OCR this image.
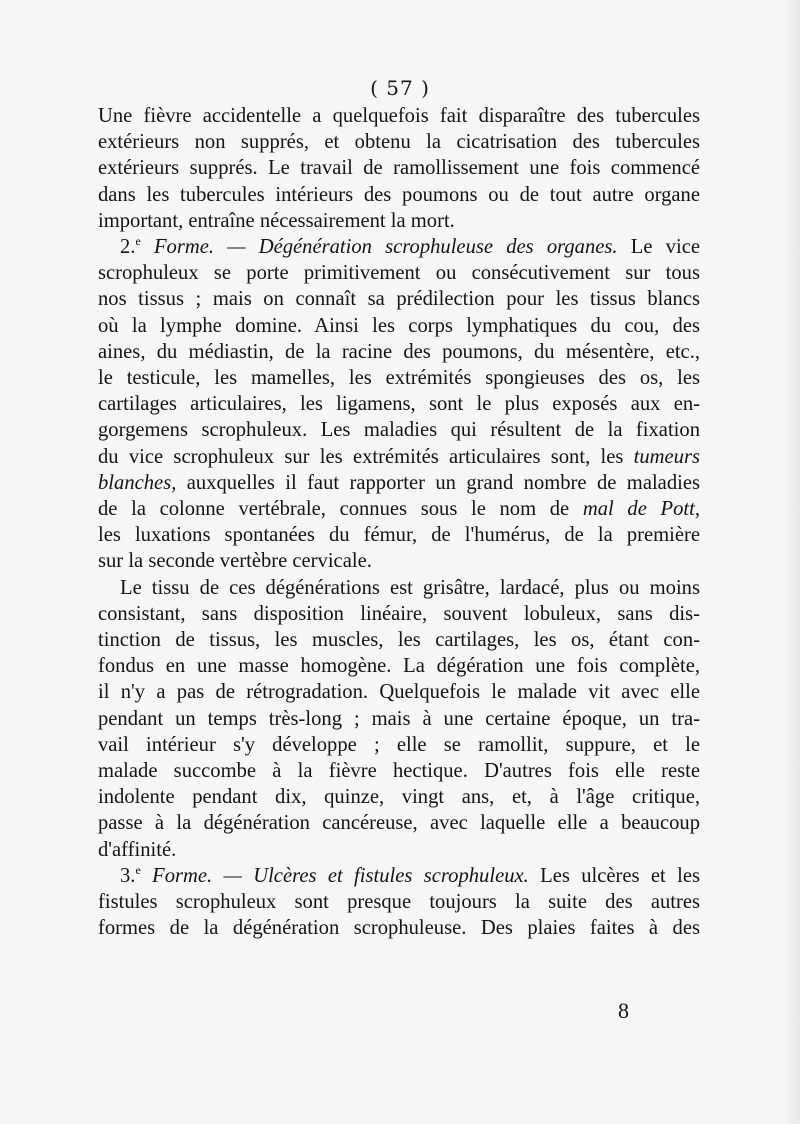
( 57 )

Une fièvre accidentelle a quelquefois fait disparaître des tubercules
extérieurs non supprés, et obtenu la cicatrisation des tubercules
extérieurs supprés. Le travail de ramollissement une fois commencé
dans les tubercules intérieurs des poumons ou de tout autre organe
important, entraîne nécessairement la mort.

2.$^e$ Forme. — Dégénération scrophuleuse des organes. Le vice
scrophuleux se porte primitivement ou consécutivement sur tous
nos tissus ; mais on connaît sa prédilection pour les tissus blancs
où la lymphe domine. Ainsi les corps lymphatiques du cou, des
aines, du médiastin, de la racine des poumons, du mésentère, etc.,
le testicule, les mamelles, les extrémités spongieuses des os, les
cartilages articulaires, les ligamens, sont le plus exposés aux en-
gorgemens scrophuleux. Les maladies qui résultent de la fixation
du vice scrophuleux sur les extrémités articulaires sont, les tumeurs
blanches, auxquelles il faut rapporter un grand nombre de maladies
de la colonne vertébrale, connues sous le nom de mal de Pott,
les luxations spontanées du fémur, de l'humérus, de la première
sur la seconde vertèbre cervicale.

Le tissu de ces dégénérations est grisâtre, lardacé, plus ou moins
consistant, sans disposition linéaire, souvent lobuleux, sans dis-
tinction de tissus, les muscles, les cartilages, les os, étant con-
fondus en une masse homogène. La dégération une fois complète,
il n'y a pas de rétrogradation. Quelquefois le malade vit avec elle
pendant un temps très-long ; mais à une certaine époque, un tra-
vail intérieur s'y développe ; elle se ramollit, suppure, et le
malade succombe à la fièvre hectique. D'autres fois elle reste
indolente pendant dix, quinze, vingt ans, et, à l'âge critique,
passe à la dégénération cancéreuse, avec laquelle elle a beaucoup
d'affinité.

3.$^e$ Forme. — Ulcères et fistules scrophuleux. Les ulcères et les
fistules scrophuleux sont presque toujours la suite des autres
formes de la dégénération scrophuleuse. Des plaies faites à des

8
